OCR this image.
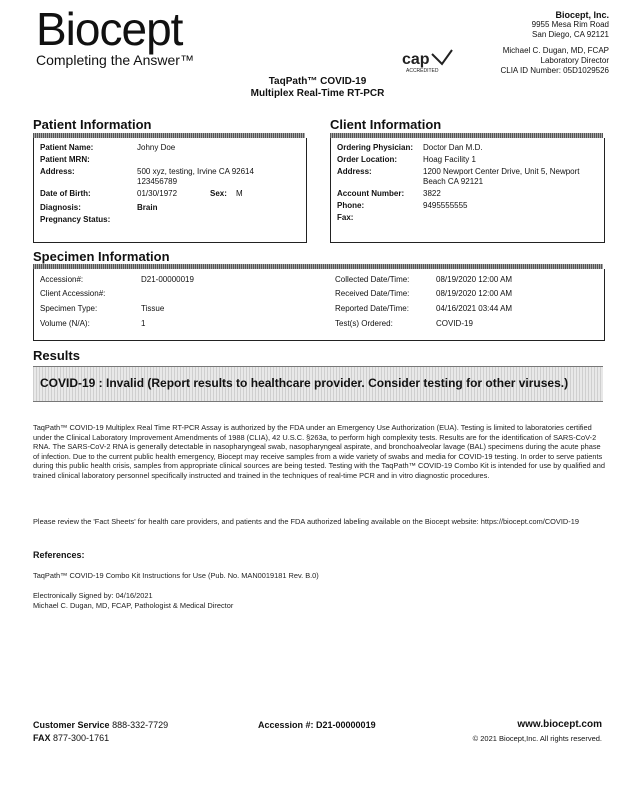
Biocept
Completing the Answer™
Biocept, Inc.
9955 Mesa Rim Road
San Diego, CA 92121
cap
ACCREDITED
Michael C. Dugan, MD, FCAP
Laboratory Director
CLIA ID Number: 05D1029526
TaqPath™ COVID-19
Multiplex Real-Time RT-PCR
Patient Information
Patient Name:	Johny Doe
Patient MRN:
Address:	500 xyz, testing, Irvine CA 92614
123456789
Date of Birth:	01/30/1972	Sex: M
Diagnosis:	Brain
Pregnancy Status:
Client Information
Ordering Physician: Doctor Dan M.D.
Order Location:	Hoag Facility 1
Address:	1200 Newport Center Drive, Unit 5, Newport
Beach CA 92121
Account Number: 3822
Phone:	9495555555
Fax:
Specimen Information
Accession#:	D21-00000019
Client Accession#:
Specimen Type:	Tissue
Volume (N/A):	1
Collected Date/Time:	08/19/2020 12:00 AM
Received Date/Time:	08/19/2020 12:00 AM
Reported Date/Time:	04/16/2021 03:44 AM
Test(s) Ordered:	COVID-19
Results
COVID-19 : Invalid (Report results to healthcare provider. Consider testing for other viruses.)
TaqPath™ COVID-19 Multiplex Real Time RT-PCR Assay is authorized by the FDA under an Emergency Use Authorization (EUA). Testing is limited to laboratories certified under the Clinical Laboratory Improvement Amendments of 1988 (CLIA), 42 U.S.C. §263a, to perform high complexity tests. Results are for the identification of SARS-CoV-2 RNA. The SARS-CoV-2 RNA is generally detectable in nasopharyngeal swab, nasopharyngeal aspirate, and bronchoalveolar lavage (BAL) specimens during the acute phase of infection. Due to the current public health emergency, Biocept may receive samples from a wide variety of swabs and media for COVID-19 testing. In order to serve patients during this public health crisis, samples from appropriate clinical sources are being tested. Testing with the TaqPath™ COVID-19 Combo Kit is intended for use by qualified and trained clinical laboratory personnel specifically instructed and trained in the techniques of real-time PCR and in vitro diagnostic procedures.
Please review the 'Fact Sheets' for health care providers, and patients and the FDA authorized labeling available on the Biocept website: https://biocept.com/COVID-19
References:
TaqPath™ COVID-19 Combo Kit Instructions for Use (Pub. No. MAN0019181 Rev. B.0)
Electronically Signed by: 04/16/2021
Michael C. Dugan, MD, FCAP, Pathologist & Medical Director
Customer Service 888-332-7729
FAX 877-300-1761
Accession #: D21-00000019	www.biocept.com
© 2021 Biocept,Inc. All rights reserved.
